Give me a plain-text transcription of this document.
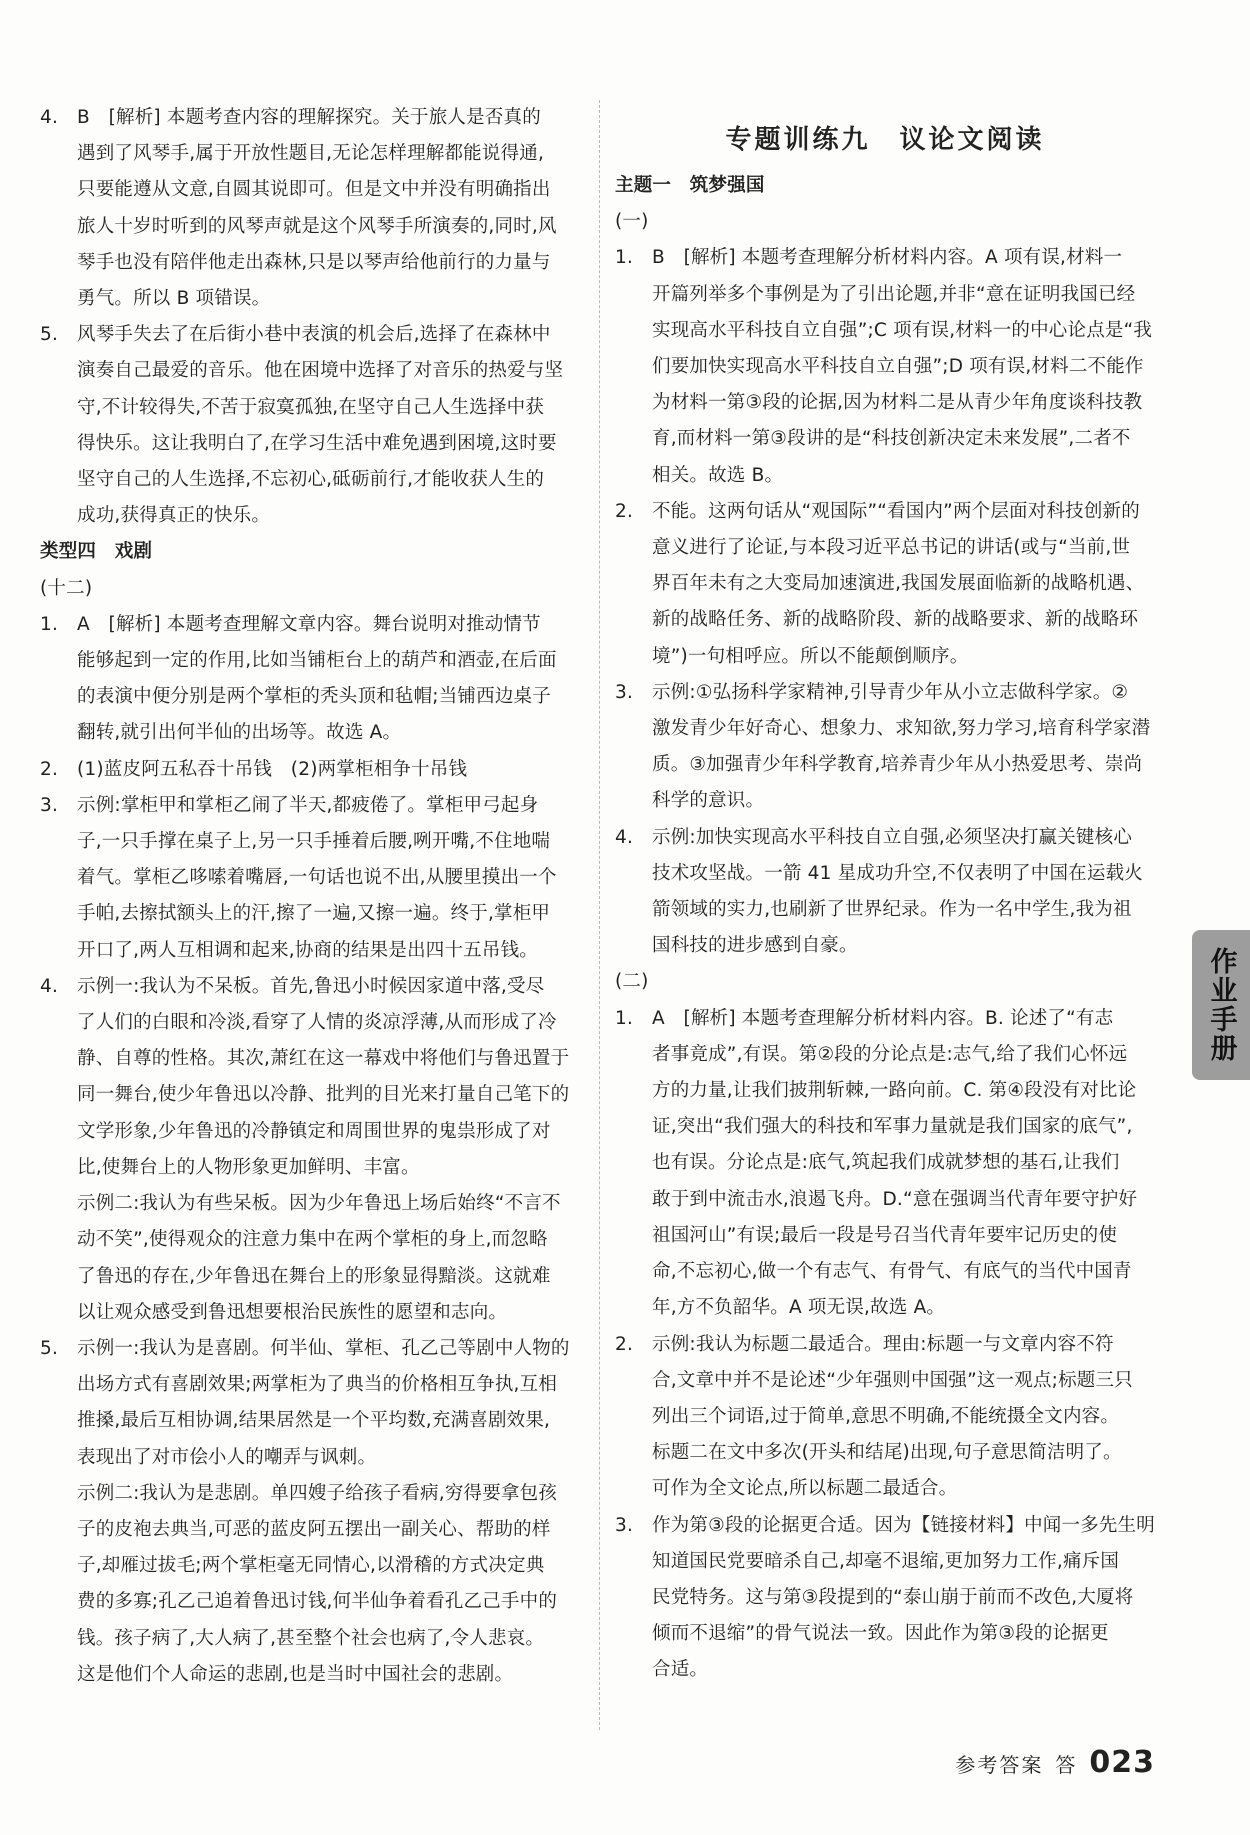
4. B　[解析] 本题考查内容的理解探究。关于旅人是否真的
遇到了风琴手,属于开放性题目,无论怎样理解都能说得通,
只要能遵从文意,自圆其说即可。但是文中并没有明确指出
旅人十岁时听到的风琴声就是这个风琴手所演奏的,同时,风
琴手也没有陪伴他走出森林,只是以琴声给他前行的力量与
勇气。所以 B 项错误。
5. 风琴手失去了在后街小巷中表演的机会后,选择了在森林中
演奏自己最爱的音乐。他在困境中选择了对音乐的热爱与坚
守,不计较得失,不苦于寂寞孤独,在坚守自己人生选择中获
得快乐。这让我明白了,在学习生活中难免遇到困境,这时要
坚守自己的人生选择,不忘初心,砥砺前行,才能收获人生的
成功,获得真正的快乐。
类型四　戏剧
(十二)
1. A　[解析] 本题考查理解文章内容。舞台说明对推动情节
能够起到一定的作用,比如当铺柜台上的葫芦和酒壶,在后面
的表演中便分别是两个掌柜的秃头顶和毡帽;当铺西边桌子
翻转,就引出何半仙的出场等。故选 A。
2. (1)蓝皮阿五私吞十吊钱　(2)两掌柜相争十吊钱
3. 示例:掌柜甲和掌柜乙闹了半天,都疲倦了。掌柜甲弓起身
子,一只手撑在桌子上,另一只手捶着后腰,咧开嘴,不住地喘
着气。掌柜乙哆嗦着嘴唇,一句话也说不出,从腰里摸出一个
手帕,去擦拭额头上的汗,擦了一遍,又擦一遍。终于,掌柜甲
开口了,两人互相调和起来,协商的结果是出四十五吊钱。
4. 示例一:我认为不呆板。首先,鲁迅小时候因家道中落,受尽
了人们的白眼和冷淡,看穿了人情的炎凉浮薄,从而形成了冷
静、自尊的性格。其次,萧红在这一幕戏中将他们与鲁迅置于
同一舞台,使少年鲁迅以冷静、批判的目光来打量自己笔下的
文学形象,少年鲁迅的冷静镇定和周围世界的鬼祟形成了对
比,使舞台上的人物形象更加鲜明、丰富。
示例二:我认为有些呆板。因为少年鲁迅上场后始终“不言不
动不笑”,使得观众的注意力集中在两个掌柜的身上,而忽略
了鲁迅的存在,少年鲁迅在舞台上的形象显得黯淡。这就难
以让观众感受到鲁迅想要根治民族性的愿望和志向。
5. 示例一:我认为是喜剧。何半仙、掌柜、孔乙己等剧中人物的
出场方式有喜剧效果;两掌柜为了典当的价格相互争执,互相
推搡,最后互相协调,结果居然是一个平均数,充满喜剧效果,
表现出了对市侩小人的嘲弄与讽刺。
示例二:我认为是悲剧。单四嫂子给孩子看病,穷得要拿包孩
子的皮袍去典当,可恶的蓝皮阿五摆出一副关心、帮助的样
子,却雁过拔毛;两个掌柜毫无同情心,以滑稽的方式决定典
费的多寡;孔乙己追着鲁迅讨钱,何半仙争着看孔乙己手中的
钱。孩子病了,大人病了,甚至整个社会也病了,令人悲哀。
这是他们个人命运的悲剧,也是当时中国社会的悲剧。
专题训练九　议论文阅读
主题一　筑梦强国
(一)
1. B　[解析] 本题考查理解分析材料内容。A 项有误,材料一
开篇列举多个事例是为了引出论题,并非“意在证明我国已经
实现高水平科技自立自强”;C 项有误,材料一的中心论点是“我
们要加快实现高水平科技自立自强”;D 项有误,材料二不能作
为材料一第③段的论据,因为材料二是从青少年角度谈科技教
育,而材料一第③段讲的是“科技创新决定未来发展”,二者不
相关。故选 B。
2. 不能。这两句话从“观国际”“看国内”两个层面对科技创新的
意义进行了论证,与本段习近平总书记的讲话(或与“当前,世
界百年未有之大变局加速演进,我国发展面临新的战略机遇、
新的战略任务、新的战略阶段、新的战略要求、新的战略环
境”)一句相呼应。所以不能颠倒顺序。
3. 示例:①弘扬科学家精神,引导青少年从小立志做科学家。②
激发青少年好奇心、想象力、求知欲,努力学习,培育科学家潜
质。③加强青少年科学教育,培养青少年从小热爱思考、崇尚
科学的意识。
4. 示例:加快实现高水平科技自立自强,必须坚决打赢关键核心
技术攻坚战。一箭 41 星成功升空,不仅表明了中国在运载火
箭领域的实力,也刷新了世界纪录。作为一名中学生,我为祖
国科技的进步感到自豪。
(二)
1. A　[解析] 本题考查理解分析材料内容。B. 论述了“有志
者事竟成”,有误。第②段的分论点是:志气,给了我们心怀远
方的力量,让我们披荆斩棘,一路向前。C. 第④段没有对比论
证,突出“我们强大的科技和军事力量就是我们国家的底气”,
也有误。分论点是:底气,筑起我们成就梦想的基石,让我们
敢于到中流击水,浪遏飞舟。D.“意在强调当代青年要守护好
祖国河山”有误;最后一段是号召当代青年要牢记历史的使
命,不忘初心,做一个有志气、有骨气、有底气的当代中国青
年,方不负韶华。A 项无误,故选 A。
2. 示例:我认为标题二最适合。理由:标题一与文章内容不符
合,文章中并不是论述“少年强则中国强”这一观点;标题三只
列出三个词语,过于简单,意思不明确,不能统摄全文内容。
标题二在文中多次(开头和结尾)出现,句子意思简洁明了。
可作为全文论点,所以标题二最适合。
3. 作为第③段的论据更合适。因为【链接材料】中闻一多先生明
知道国民党要暗杀自己,却毫不退缩,更加努力工作,痛斥国
民党特务。这与第③段提到的“泰山崩于前而不改色,大厦将
倾而不退缩”的骨气说法一致。因此作为第③段的论据更
合适。
作业手册
参考答案 答 023
